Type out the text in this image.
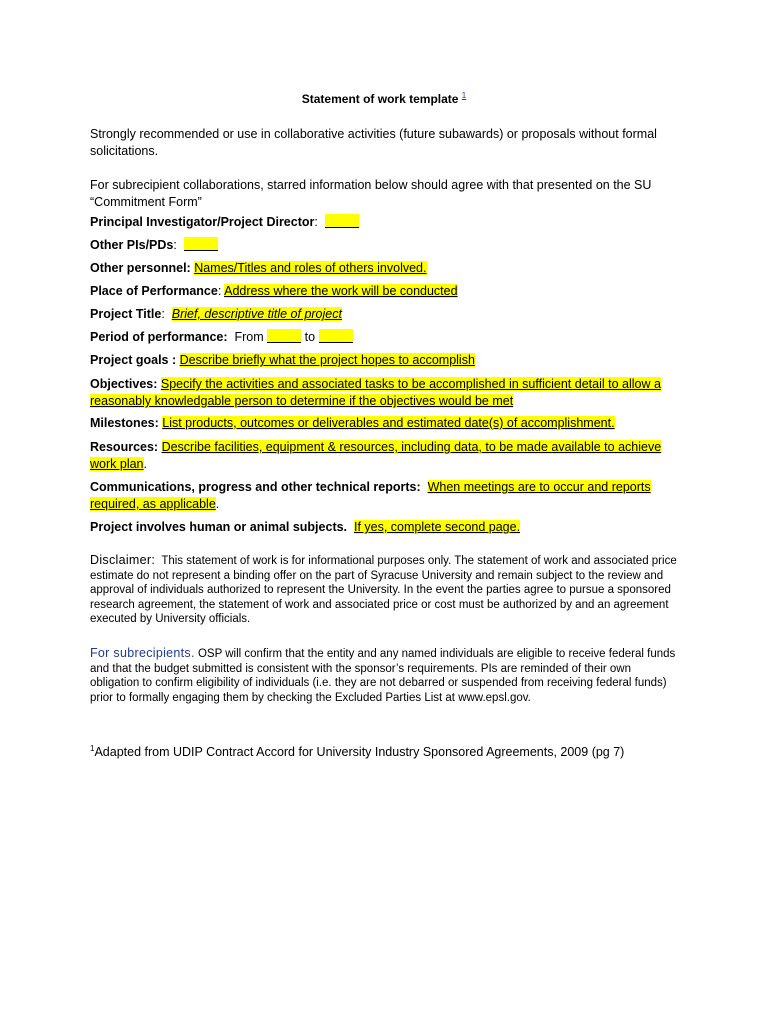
Statement of work template $^1$
Strongly recommended or use in collaborative activities (future subawards) or proposals without formal solicitations.
For subrecipient collaborations, starred information below should agree with that presented on the SU “Commitment Form”
Principal Investigator/Project Director:
Other PIs/PDs:
Other personnel: Names/Titles and roles of others involved.
Place of Performance: Address where the work will be conducted
Project Title:  Brief, descriptive title of project
Period of performance: From	to
Project goals : Describe briefly what the project hopes to accomplish
Objectives: Specify the activities and associated tasks to be accomplished in sufficient detail to allow a reasonably knowledgable person to determine if the objectives would be met
Milestones: List products, outcomes or deliverables and estimated date(s) of accomplishment.
Resources: Describe facilities, equipment & resources, including data, to be made available to achieve work plan.
Communications, progress and other technical reports: When meetings are to occur and reports required, as applicable.
Project involves human or animal subjects. If yes, complete second page.
Disclaimer: This statement of work is for informational purposes only. The statement of work and associated price estimate do not represent a binding offer on the part of Syracuse University and remain subject to the review and approval of individuals authorized to represent the University. In the event the parties agree to pursue a sponsored research agreement, the statement of work and associated price or cost must be authorized by and an agreement executed by University officials.
For subrecipients. OSP will confirm that the entity and any named individuals are eligible to receive federal funds and that the budget submitted is consistent with the sponsor’s requirements. PIs are reminded of their own obligation to confirm eligibility of individuals (i.e. they are not debarred or suspended from receiving federal funds) prior to formally engaging them by checking the Excluded Parties List at www.epsl.gov.
$^1$Adapted from UDIP Contract Accord for University Industry Sponsored Agreements, 2009 (pg 7)
